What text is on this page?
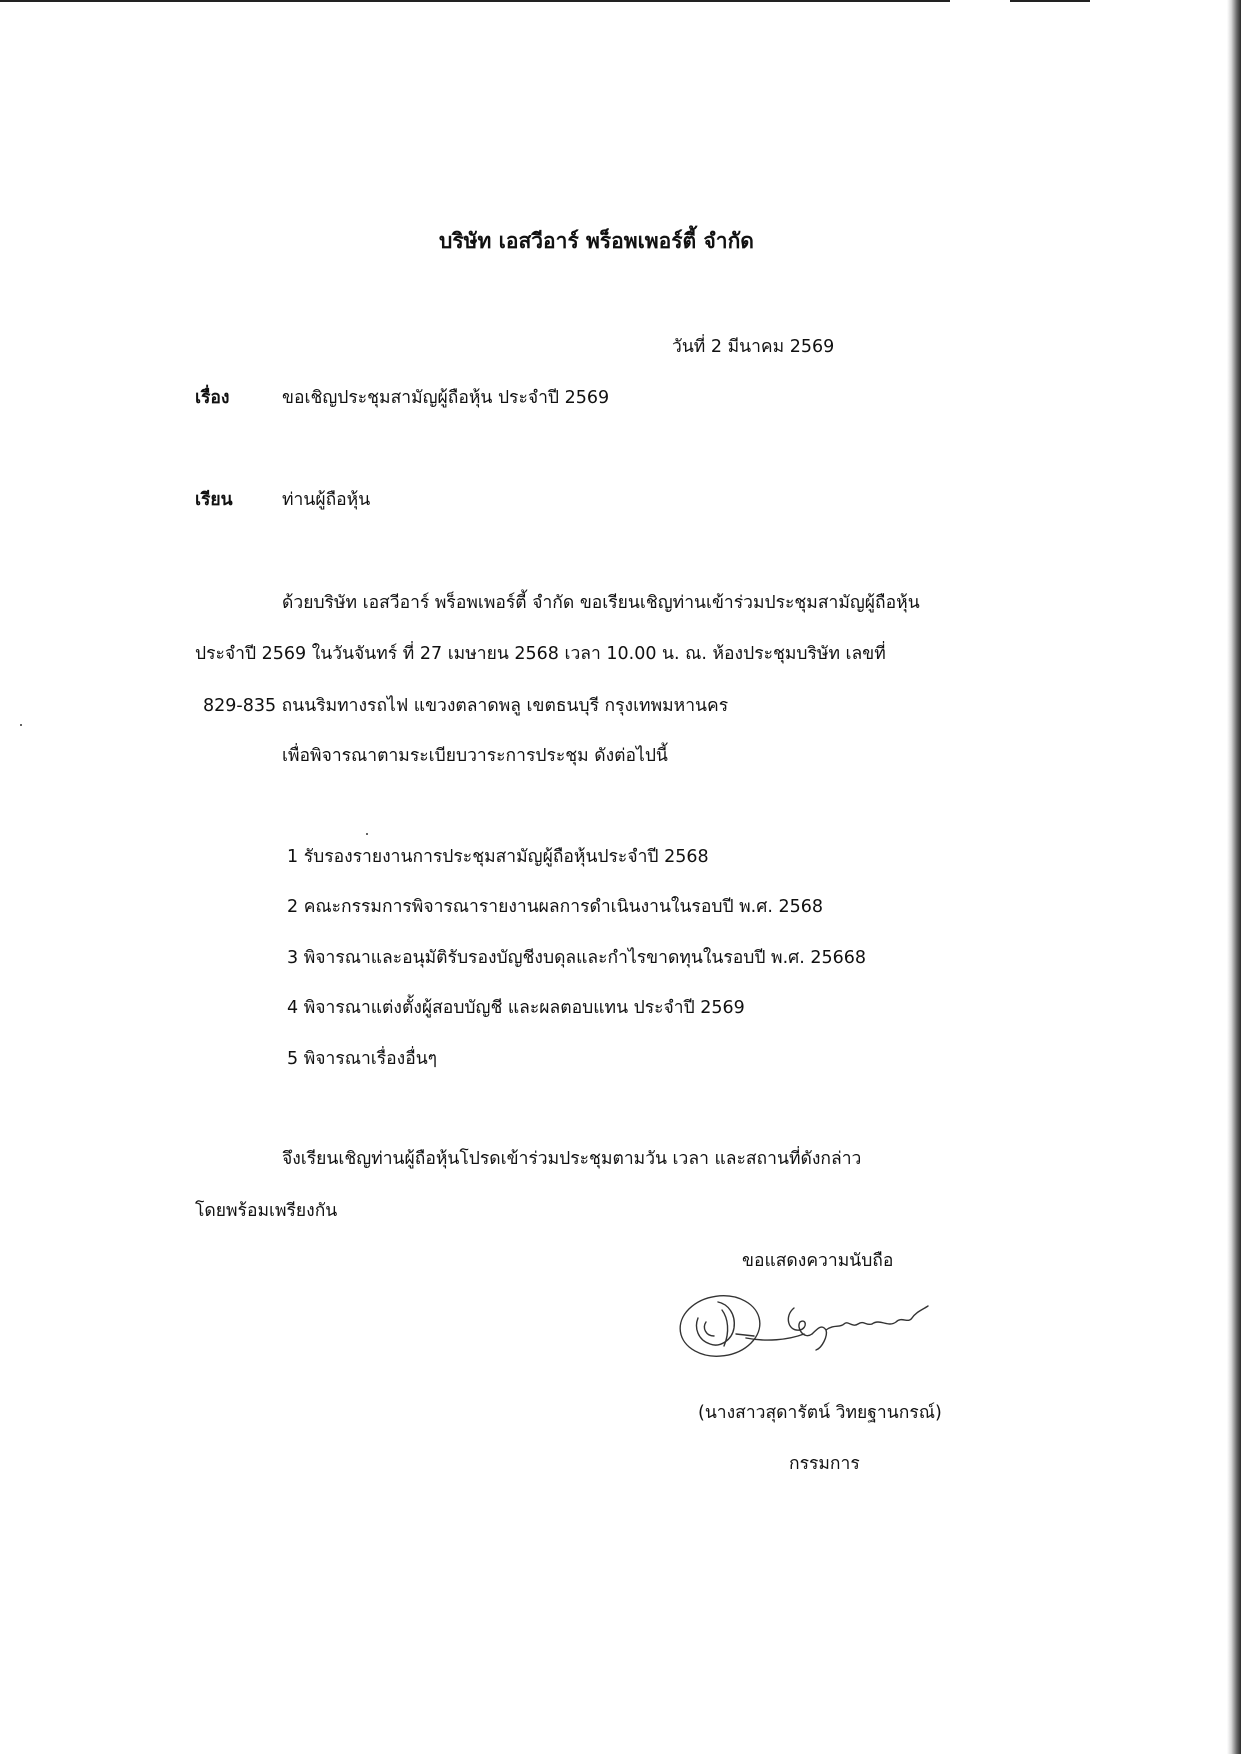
บริษัท เอสวีอาร์ พร็อพเพอร์ตี้ จำกัด
วันที่ 2 มีนาคม 2569
เรื่อง	ขอเชิญประชุมสามัญผู้ถือหุ้น ประจำปี 2569
เรียน	ท่านผู้ถือหุ้น
ด้วยบริษัท เอสวีอาร์ พร็อพเพอร์ตี้ จำกัด ขอเรียนเชิญท่านเข้าร่วมประชุมสามัญผู้ถือหุ้น
ประจำปี 2569 ในวันจันทร์ ที่ 27 เมษายน 2568 เวลา 10.00 น. ณ. ห้องประชุมบริษัท เลขที่
829-835 ถนนริมทางรถไฟ แขวงตลาดพลู เขตธนบุรี กรุงเทพมหานคร
เพื่อพิจารณาตามระเบียบวาระการประชุม ดังต่อไปนี้
1 รับรองรายงานการประชุมสามัญผู้ถือหุ้นประจำปี 2568
2 คณะกรรมการพิจารณารายงานผลการดำเนินงานในรอบปี พ.ศ. 2568
3 พิจารณาและอนุมัติรับรองบัญชีงบดุลและกำไรขาดทุนในรอบปี พ.ศ. 25668
4 พิจารณาแต่งตั้งผู้สอบบัญชี และผลตอบแทน ประจำปี 2569
5 พิจารณาเรื่องอื่นๆ
จึงเรียนเชิญท่านผู้ถือหุ้นโปรดเข้าร่วมประชุมตามวัน เวลา และสถานที่ดังกล่าว
โดยพร้อมเพรียงกัน
ขอแสดงความนับถือ
(นางสาวสุดารัตน์ วิทยฐานกรณ์)
กรรมการ
